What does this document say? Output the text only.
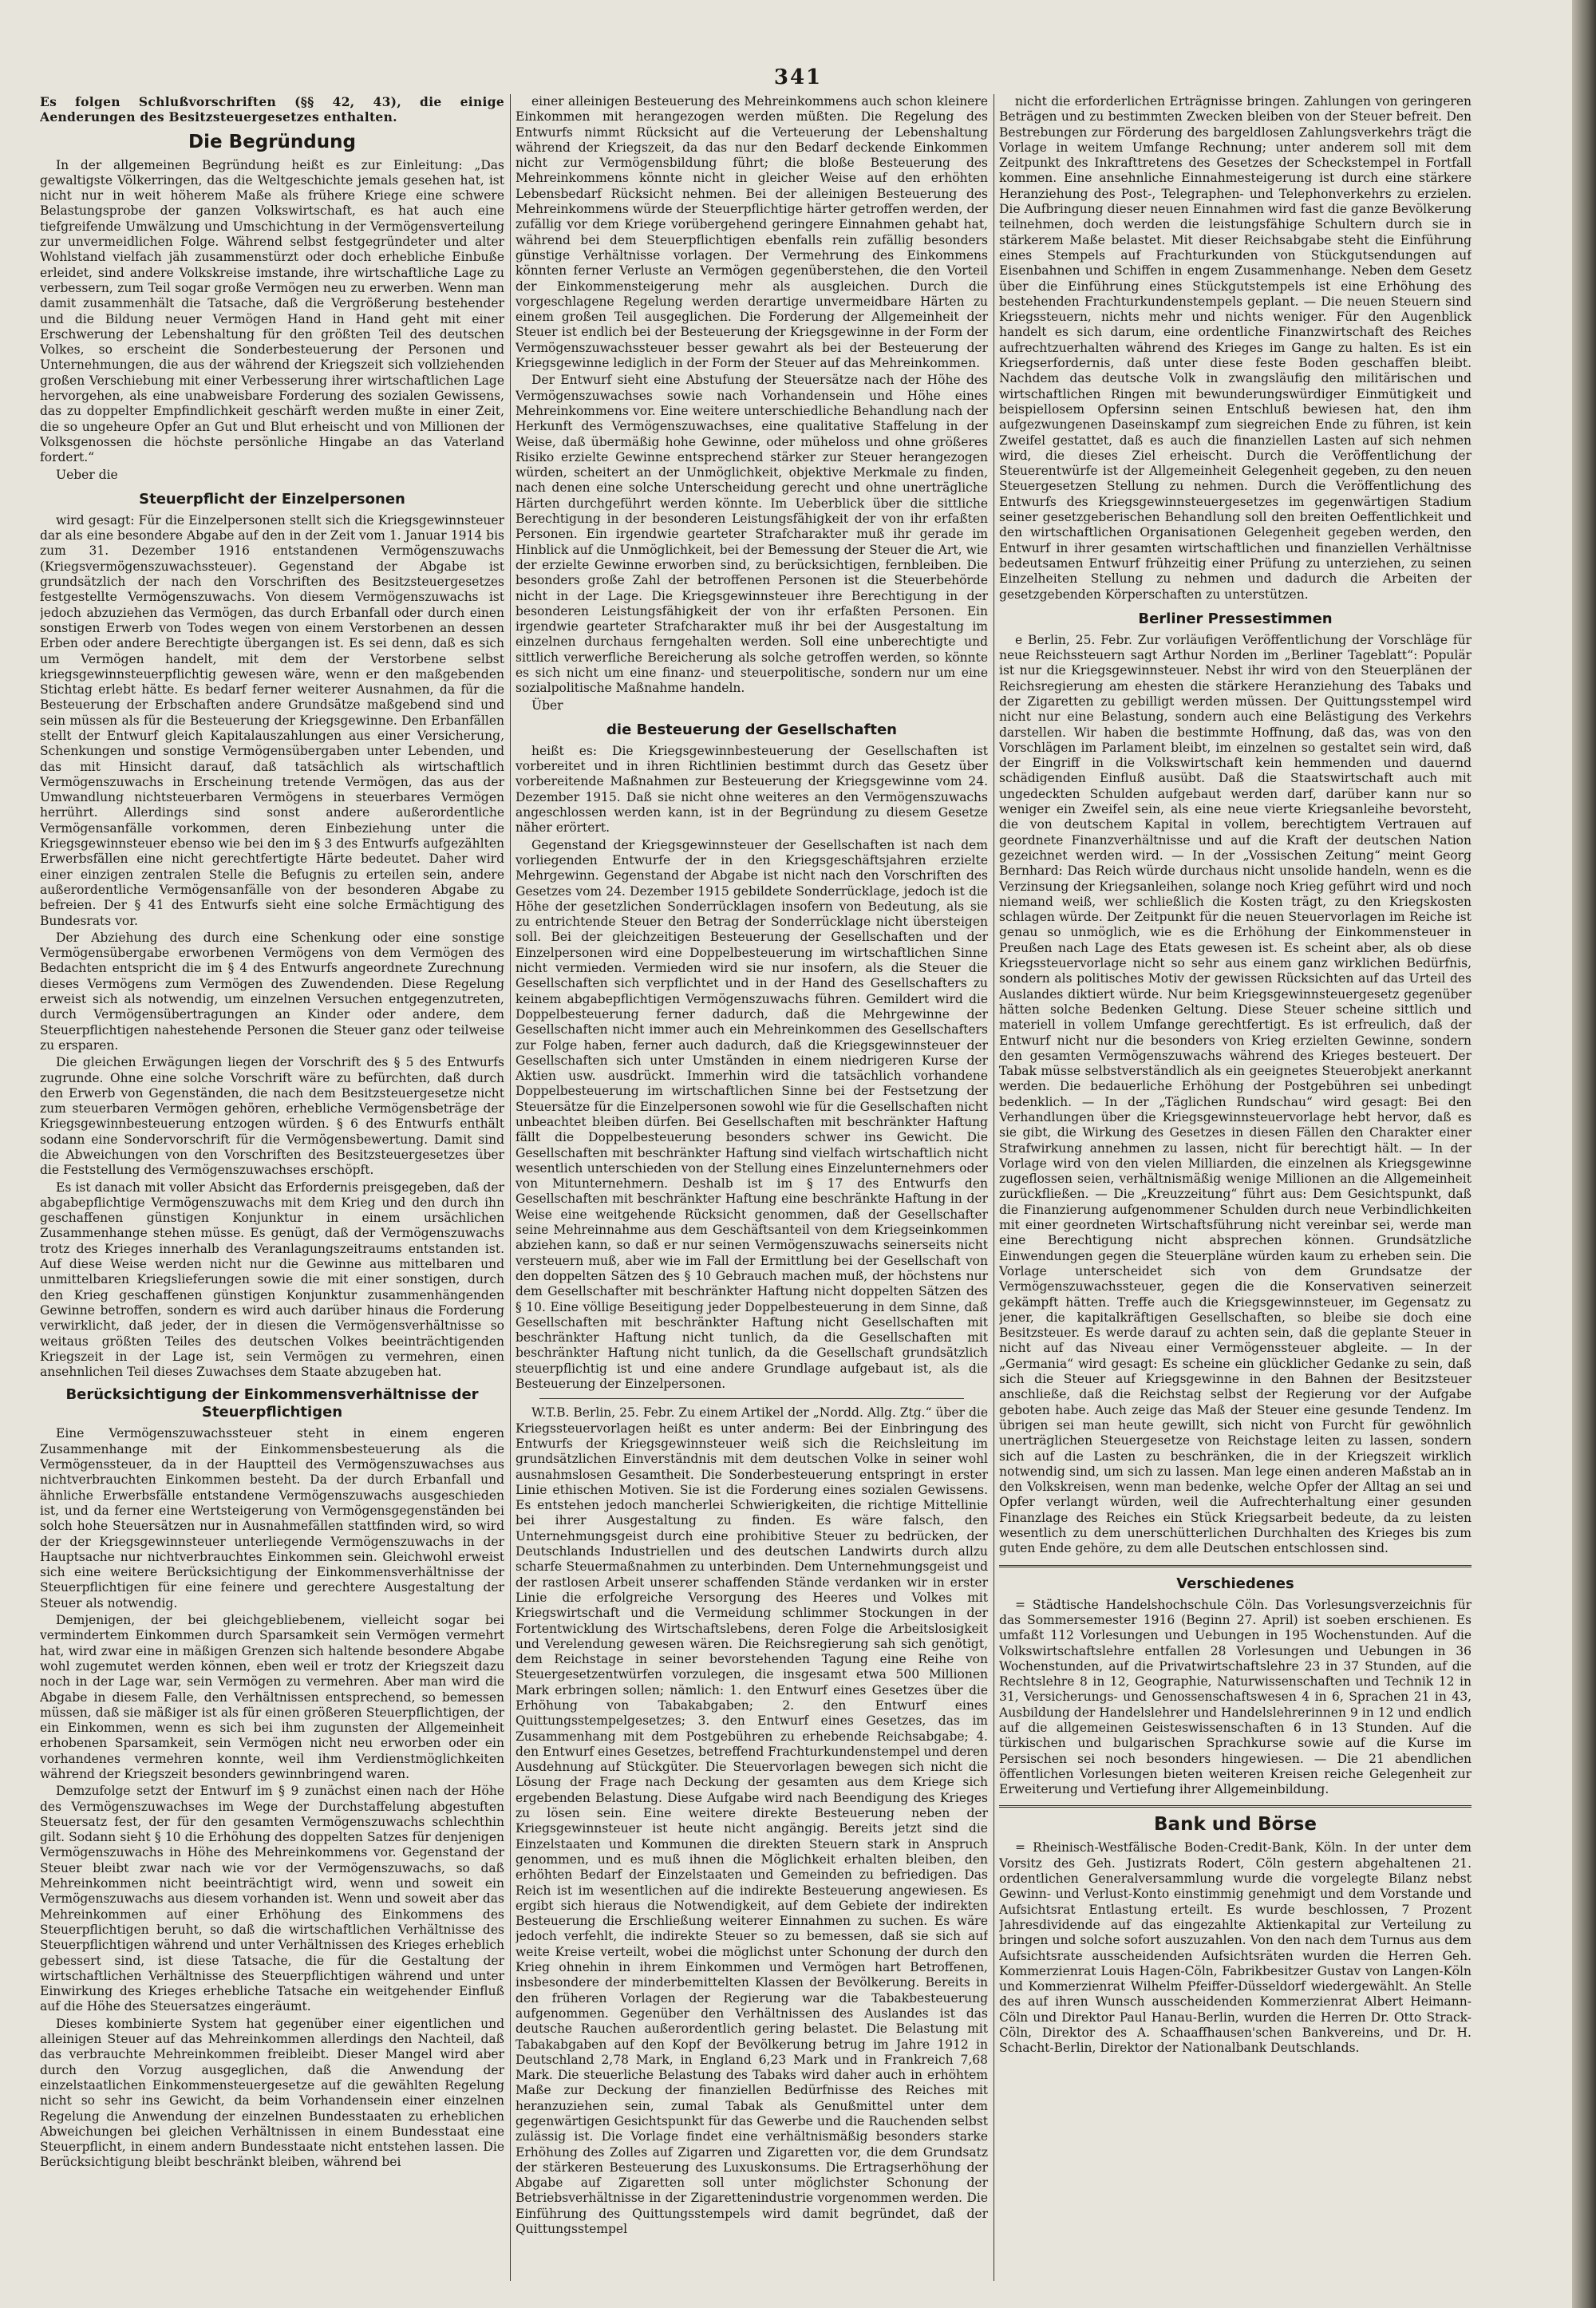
341

Es folgen Schlußvorschriften (§§ 42, 43), die einige Aenderungen des Besitzsteuergesetzes enthalten.

Die Begründung

In der allgemeinen Begründung heißt es zur Einleitung: „Das gewaltigste Völkerringen, das die Weltgeschichte jemals gesehen hat, ist nicht nur in weit höherem Maße als frühere Kriege eine schwere Belastungsprobe der ganzen Volkswirtschaft, es hat auch eine tiefgreifende Umwälzung und Umschichtung in der Vermögensverteilung zur unvermeidlichen Folge. Während selbst festgegründeter und alter Wohlstand vielfach jäh zusammenstürzt oder doch erhebliche Einbuße erleidet, sind andere Volkskreise imstande, ihre wirtschaftliche Lage zu verbessern, zum Teil sogar große Vermögen neu zu erwerben. Wenn man damit zusammenhält die Tatsache, daß die Vergrößerung bestehender und die Bildung neuer Vermögen Hand in Hand geht mit einer Erschwerung der Lebenshaltung für den größten Teil des deutschen Volkes, so erscheint die Sonderbesteuerung der Personen und Unternehmungen, die aus der während der Kriegszeit sich vollziehenden großen Verschiebung mit einer Verbesserung ihrer wirtschaftlichen Lage hervorgehen, als eine unabweisbare Forderung des sozialen Gewissens, das zu doppelter Empfindlichkeit geschärft werden mußte in einer Zeit, die so ungeheure Opfer an Gut und Blut erheischt und von Millionen der Volksgenossen die höchste persönliche Hingabe an das Vaterland fordert.“

Ueber die

Steuerpflicht der Einzelpersonen

wird gesagt: Für die Einzelpersonen stellt sich die Kriegsgewinnsteuer dar als eine besondere Abgabe auf den in der Zeit vom 1. Januar 1914 bis zum 31. Dezember 1916 entstandenen Vermögenszuwachs (Kriegsvermögenszuwachssteuer). Gegenstand der Abgabe ist grundsätzlich der nach den Vorschriften des Besitzsteuergesetzes festgestellte Vermögenszuwachs. Von diesem Vermögenszuwachs ist jedoch abzuziehen das Vermögen, das durch Erbanfall oder durch einen sonstigen Erwerb von Todes wegen von einem Verstorbenen an dessen Erben oder andere Berechtigte übergangen ist. Es sei denn, daß es sich um Vermögen handelt, mit dem der Verstorbene selbst kriegsgewinnsteuerpflichtig gewesen wäre, wenn er den maßgebenden Stichtag erlebt hätte. Es bedarf ferner weiterer Ausnahmen, da für die Besteuerung der Erbschaften andere Grundsätze maßgebend sind und sein müssen als für die Besteuerung der Kriegsgewinne. Den Erbanfällen stellt der Entwurf gleich Kapitalauszahlungen aus einer Versicherung, Schenkungen und sonstige Vermögensübergaben unter Lebenden, und das mit Hinsicht darauf, daß tatsächlich als wirtschaftlich Vermögenszuwachs in Erscheinung tretende Vermögen, das aus der Umwandlung nichtsteuerbaren Vermögens in steuerbares Vermögen herrührt. Allerdings sind sonst andere außerordentliche Vermögensanfälle vorkommen, deren Einbeziehung unter die Kriegsgewinnsteuer ebenso wie bei den im § 3 des Entwurfs aufgezählten Erwerbsfällen eine nicht gerechtfertigte Härte bedeutet. Daher wird einer einzigen zentralen Stelle die Befugnis zu erteilen sein, andere außerordentliche Vermögensanfälle von der besonderen Abgabe zu befreien. Der § 41 des Entwurfs sieht eine solche Ermächtigung des Bundesrats vor.

Der Abziehung des durch eine Schenkung oder eine sonstige Vermögensübergabe erworbenen Vermögens von dem Vermögen des Bedachten entspricht die im § 4 des Entwurfs angeordnete Zurechnung dieses Vermögens zum Vermögen des Zuwendenden. Diese Regelung erweist sich als notwendig, um einzelnen Versuchen entgegenzutreten, durch Vermögensübertragungen an Kinder oder andere, dem Steuerpflichtigen nahestehende Personen die Steuer ganz oder teilweise zu ersparen.

Die gleichen Erwägungen liegen der Vorschrift des § 5 des Entwurfs zugrunde. Ohne eine solche Vorschrift wäre zu befürchten, daß durch den Erwerb von Gegenständen, die nach dem Besitzsteuergesetze nicht zum steuerbaren Vermögen gehören, erhebliche Vermögensbeträge der Kriegsgewinnbesteuerung entzogen würden. § 6 des Entwurfs enthält sodann eine Sondervorschrift für die Vermögensbewertung. Damit sind die Abweichungen von den Vorschriften des Besitzsteuergesetzes über die Feststellung des Vermögenszuwachses erschöpft.

Es ist danach mit voller Absicht das Erfordernis preisgegeben, daß der abgabepflichtige Vermögenszuwachs mit dem Krieg und den durch ihn geschaffenen günstigen Konjunktur in einem ursächlichen Zusammenhange stehen müsse. Es genügt, daß der Vermögenszuwachs trotz des Krieges innerhalb des Veranlagungszeitraums entstanden ist. Auf diese Weise werden nicht nur die Gewinne aus mittelbaren und unmittelbaren Kriegslieferungen sowie die mit einer sonstigen, durch den Krieg geschaffenen günstigen Konjunktur zusammenhängenden Gewinne betroffen, sondern es wird auch darüber hinaus die Forderung verwirklicht, daß jeder, der in diesen die Vermögensverhältnisse so weitaus größten Teiles des deutschen Volkes beeinträchtigenden Kriegszeit in der Lage ist, sein Vermögen zu vermehren, einen ansehnlichen Teil dieses Zuwachses dem Staate abzugeben hat.

Berücksichtigung der Einkommensverhältnisse der Steuerpflichtigen

Eine Vermögenszuwachssteuer steht in einem engeren Zusammenhange mit der Einkommensbesteuerung als die Vermögenssteuer, da in der Hauptteil des Vermögenszuwachses aus nichtverbrauchten Einkommen besteht. Da der durch Erbanfall und ähnliche Erwerbsfälle entstandene Vermögenszuwachs ausgeschieden ist, und da ferner eine Wertsteigerung von Vermögensgegenständen bei solch hohe Steuersätzen nur in Ausnahmefällen stattfinden wird, so wird der der Kriegsgewinnsteuer unterliegende Vermögenszuwachs in der Hauptsache nur nichtverbrauchtes Einkommen sein. Gleichwohl erweist sich eine weitere Berücksichtigung der Einkommensverhältnisse der Steuerpflichtigen für eine feinere und gerechtere Ausgestaltung der Steuer als notwendig.

Demjenigen, der bei gleichgebliebenem, vielleicht sogar bei vermindertem Einkommen durch Sparsamkeit sein Vermögen vermehrt hat, wird zwar eine in mäßigen Grenzen sich haltende besondere Abgabe wohl zugemutet werden können, eben weil er trotz der Kriegszeit dazu noch in der Lage war, sein Vermögen zu vermehren. Aber man wird die Abgabe in diesem Falle, den Verhältnissen entsprechend, so bemessen müssen, daß sie mäßiger ist als für einen größeren Steuerpflichtigen, der ein Einkommen, wenn es sich bei ihm zugunsten der Allgemeinheit erhobenen Sparsamkeit, sein Vermögen nicht neu erworben oder ein vorhandenes vermehren konnte, weil ihm Verdienstmöglichkeiten während der Kriegszeit besonders gewinnbringend waren.

Demzufolge setzt der Entwurf im § 9 zunächst einen nach der Höhe des Vermögenszuwachses im Wege der Durchstaffelung abgestuften Steuersatz fest, der für den gesamten Vermögenszuwachs schlechthin gilt. Sodann sieht § 10 die Erhöhung des doppelten Satzes für denjenigen Vermögenszuwachs in Höhe des Mehreinkommens vor. Gegenstand der Steuer bleibt zwar nach wie vor der Vermögenszuwachs, so daß Mehreinkommen nicht beeinträchtigt wird, wenn und soweit ein Vermögenszuwachs aus diesem vorhanden ist. Wenn und soweit aber das Mehreinkommen auf einer Erhöhung des Einkommens des Steuerpflichtigen beruht, so daß die wirtschaftlichen Verhältnisse des Steuerpflichtigen während und unter Verhältnissen des Krieges erheblich gebessert sind, ist diese Tatsache, die für die Gestaltung der wirtschaftlichen Verhältnisse des Steuerpflichtigen während und unter Einwirkung des Krieges erhebliche Tatsache ein weitgehender Einfluß auf die Höhe des Steuersatzes eingeräumt.

Dieses kombinierte System hat gegenüber einer eigentlichen und alleinigen Steuer auf das Mehreinkommen allerdings den Nachteil, daß das verbrauchte Mehreinkommen freibleibt. Dieser Mangel wird aber durch den Vorzug ausgeglichen, daß die Anwendung der einzelstaatlichen Einkommensteuergesetze auf die gewählten Regelung nicht so sehr ins Gewicht, da beim Vorhandensein einer einzelnen Regelung die Anwendung der einzelnen Bundesstaaten zu erheblichen Abweichungen bei gleichen Verhältnissen in einem Bundesstaat eine Steuerpflicht, in einem andern Bundesstaate nicht entstehen lassen. Die Berücksichtigung bleibt beschränkt bleiben, während bei

einer alleinigen Besteuerung des Mehreinkommens auch schon kleinere Einkommen mit herangezogen werden müßten. Die Regelung des Entwurfs nimmt Rücksicht auf die Verteuerung der Lebenshaltung während der Kriegszeit, da das nur den Bedarf deckende Einkommen nicht zur Vermögensbildung führt; die bloße Besteuerung des Mehreinkommens könnte nicht in gleicher Weise auf den erhöhten Lebensbedarf Rücksicht nehmen. Bei der alleinigen Besteuerung des Mehreinkommens würde der Steuerpflichtige härter getroffen werden, der zufällig vor dem Kriege vorübergehend geringere Einnahmen gehabt hat, während bei dem Steuerpflichtigen ebenfalls rein zufällig besonders günstige Verhältnisse vorlagen. Der Vermehrung des Einkommens könnten ferner Verluste an Vermögen gegenüberstehen, die den Vorteil der Einkommensteigerung mehr als ausgleichen. Durch die vorgeschlagene Regelung werden derartige unvermeidbare Härten zu einem großen Teil ausgeglichen. Die Forderung der Allgemeinheit der Steuer ist endlich bei der Besteuerung der Kriegsgewinne in der Form der Vermögenszuwachssteuer besser gewahrt als bei der Besteuerung der Kriegsgewinne lediglich in der Form der Steuer auf das Mehreinkommen.

Der Entwurf sieht eine Abstufung der Steuersätze nach der Höhe des Vermögenszuwachses sowie nach Vorhandensein und Höhe eines Mehreinkommens vor. Eine weitere unterschiedliche Behandlung nach der Herkunft des Vermögenszuwachses, eine qualitative Staffelung in der Weise, daß übermäßig hohe Gewinne, oder müheloss und ohne größeres Risiko erzielte Gewinne entsprechend stärker zur Steuer herangezogen würden, scheitert an der Unmöglichkeit, objektive Merkmale zu finden, nach denen eine solche Unterscheidung gerecht und ohne unerträgliche Härten durchgeführt werden könnte. Im Ueberblick über die sittliche Berechtigung in der besonderen Leistungsfähigkeit der von ihr erfaßten Personen. Ein irgendwie gearteter Strafcharakter muß ihr gerade im Hinblick auf die Unmöglichkeit, bei der Bemessung der Steuer die Art, wie der erzielte Gewinne erworben sind, zu berücksichtigen, fernbleiben. Die besonders große Zahl der betroffenen Personen ist die Steuerbehörde nicht in der Lage. Die Kriegsgewinnsteuer ihre Berechtigung in der besonderen Leistungsfähigkeit der von ihr erfaßten Personen. Ein irgendwie gearteter Strafcharakter muß ihr bei der Ausgestaltung im einzelnen durchaus ferngehalten werden. Soll eine unberechtigte und sittlich verwerfliche Bereicherung als solche getroffen werden, so könnte es sich nicht um eine finanz- und steuerpolitische, sondern nur um eine sozialpolitische Maßnahme handeln.

Über

die Besteuerung der Gesellschaften

heißt es: Die Kriegsgewinnbesteuerung der Gesellschaften ist vorbereitet und in ihren Richtlinien bestimmt durch das Gesetz über vorbereitende Maßnahmen zur Besteuerung der Kriegsgewinne vom 24. Dezember 1915. Daß sie nicht ohne weiteres an den Vermögenszuwachs angeschlossen werden kann, ist in der Begründung zu diesem Gesetze näher erörtert.

Gegenstand der Kriegsgewinnsteuer der Gesellschaften ist nach dem vorliegenden Entwurfe der in den Kriegsgeschäftsjahren erzielte Mehrgewinn. Gegenstand der Abgabe ist nicht nach den Vorschriften des Gesetzes vom 24. Dezember 1915 gebildete Sonderrücklage, jedoch ist die Höhe der gesetzlichen Sonderrücklagen insofern von Bedeutung, als sie zu entrichtende Steuer den Betrag der Sonderrücklage nicht übersteigen soll. Bei der gleichzeitigen Besteuerung der Gesellschaften und der Einzelpersonen wird eine Doppelbesteuerung im wirtschaftlichen Sinne nicht vermieden. Vermieden wird sie nur insofern, als die Steuer die Gesellschaften sich verpflichtet und in der Hand des Gesellschafters zu keinem abgabepflichtigen Vermögenszuwachs führen. Gemildert wird die Doppelbesteuerung ferner dadurch, daß die Mehrgewinne der Gesellschaften nicht immer auch ein Mehreinkommen des Gesellschafters zur Folge haben, ferner auch dadurch, daß die Kriegsgewinnsteuer der Gesellschaften sich unter Umständen in einem niedrigeren Kurse der Aktien usw. ausdrückt. Immerhin wird die tatsächlich vorhandene Doppelbesteuerung im wirtschaftlichen Sinne bei der Festsetzung der Steuersätze für die Einzelpersonen sowohl wie für die Gesellschaften nicht unbeachtet bleiben dürfen. Bei Gesellschaften mit beschränkter Haftung fällt die Doppelbesteuerung besonders schwer ins Gewicht. Die Gesellschaften mit beschränkter Haftung sind vielfach wirtschaftlich nicht wesentlich unterschieden von der Stellung eines Einzelunternehmers oder von Mitunternehmern. Deshalb ist im § 17 des Entwurfs den Gesellschaften mit beschränkter Haftung eine beschränkte Haftung in der Weise eine weitgehende Rücksicht genommen, daß der Gesellschafter seine Mehreinnahme aus dem Geschäftsanteil von dem Kriegseinkommen abziehen kann, so daß er nur seinen Vermögenszuwachs seinerseits nicht versteuern muß, aber wie im Fall der Ermittlung bei der Gesellschaft von den doppelten Sätzen des § 10 Gebrauch machen muß, der höchstens nur dem Gesellschafter mit beschränkter Haftung nicht doppelten Sätzen des § 10. Eine völlige Beseitigung jeder Doppelbesteuerung in dem Sinne, daß Gesellschaften mit beschränkter Haftung nicht Gesellschaften mit beschränkter Haftung nicht tunlich, da die Gesellschaften mit beschränkter Haftung nicht tunlich, da die Gesellschaft grundsätzlich steuerpflichtig ist und eine andere Grundlage aufgebaut ist, als die Besteuerung der Einzelpersonen.

W.T.B. Berlin, 25. Febr. Zu einem Artikel der „Nordd. Allg. Ztg.“ über die Kriegssteuervorlagen heißt es unter anderm: Bei der Einbringung des Entwurfs der Kriegsgewinnsteuer weiß sich die Reichsleitung im grundsätzlichen Einverständnis mit dem deutschen Volke in seiner wohl ausnahmslosen Gesamtheit. Die Sonderbesteuerung entspringt in erster Linie ethischen Motiven. Sie ist die Forderung eines sozialen Gewissens. Es entstehen jedoch mancherlei Schwierigkeiten, die richtige Mittellinie bei ihrer Ausgestaltung zu finden. Es wäre falsch, den Unternehmungsgeist durch eine prohibitive Steuer zu bedrücken, der Deutschlands Industriellen und des deutschen Landwirts durch allzu scharfe Steuermaßnahmen zu unterbinden. Dem Unternehmungsgeist und der rastlosen Arbeit unserer schaffenden Stände verdanken wir in erster Linie die erfolgreiche Versorgung des Heeres und Volkes mit Kriegswirtschaft und die Vermeidung schlimmer Stockungen in der Fortentwicklung des Wirtschaftslebens, deren Folge die Arbeitslosigkeit und Verelendung gewesen wären. Die Reichsregierung sah sich genötigt, dem Reichstage in seiner bevorstehenden Tagung eine Reihe von Steuergesetzentwürfen vorzulegen, die insgesamt etwa 500 Millionen Mark erbringen sollen; nämlich: 1. den Entwurf eines Gesetzes über die Erhöhung von Tabakabgaben; 2. den Entwurf eines Quittungsstempelgesetzes; 3. den Entwurf eines Gesetzes, das im Zusammenhang mit dem Postgebühren zu erhebende Reichsabgabe; 4. den Entwurf eines Gesetzes, betreffend Frachturkundenstempel und deren Ausdehnung auf Stückgüter. Die Steuervorlagen bewegen sich nicht die Lösung der Frage nach Deckung der gesamten aus dem Kriege sich ergebenden Belastung. Diese Aufgabe wird nach Beendigung des Krieges zu lösen sein. Eine weitere direkte Besteuerung neben der Kriegsgewinnsteuer ist heute nicht angängig. Bereits jetzt sind die Einzelstaaten und Kommunen die direkten Steuern stark in Anspruch genommen, und es muß ihnen die Möglichkeit erhalten bleiben, den erhöhten Bedarf der Einzelstaaten und Gemeinden zu befriedigen. Das Reich ist im wesentlichen auf die indirekte Besteuerung angewiesen. Es ergibt sich hieraus die Notwendigkeit, auf dem Gebiete der indirekten Besteuerung die Erschließung weiterer Einnahmen zu suchen. Es wäre jedoch verfehlt, die indirekte Steuer so zu bemessen, daß sie sich auf weite Kreise verteilt, wobei die möglichst unter Schonung der durch den Krieg ohnehin in ihrem Einkommen und Vermögen hart Betroffenen, insbesondere der minderbemittelten Klassen der Bevölkerung. Bereits in den früheren Vorlagen der Regierung war die Tabakbesteuerung aufgenommen. Gegenüber den Verhältnissen des Auslandes ist das deutsche Rauchen außerordentlich gering belastet. Die Belastung mit Tabakabgaben auf den Kopf der Bevölkerung betrug im Jahre 1912 in Deutschland 2,78 Mark, in England 6,23 Mark und in Frankreich 7,68 Mark. Die steuerliche Belastung des Tabaks wird daher auch in erhöhtem Maße zur Deckung der finanziellen Bedürfnisse des Reiches mit heranzuziehen sein, zumal Tabak als Genußmittel unter dem gegenwärtigen Gesichtspunkt für das Gewerbe und die Rauchenden selbst zulässig ist. Die Vorlage findet eine verhältnismäßig besonders starke Erhöhung des Zolles auf Zigarren und Zigaretten vor, die dem Grundsatz der stärkeren Besteuerung des Luxuskonsums. Die Ertragserhöhung der Abgabe auf Zigaretten soll unter möglichster Schonung der Betriebsverhältnisse in der Zigarettenindustrie vorgenommen werden. Die Einführung des Quittungsstempels wird damit begründet, daß der Quittungsstempel

nicht die erforderlichen Erträgnisse bringen. Zahlungen von geringeren Beträgen und zu bestimmten Zwecken bleiben von der Steuer befreit. Den Bestrebungen zur Förderung des bargeldlosen Zahlungsverkehrs trägt die Vorlage in weitem Umfange Rechnung; unter anderem soll mit dem Zeitpunkt des Inkrafttretens des Gesetzes der Scheckstempel in Fortfall kommen. Eine ansehnliche Einnahmesteigerung ist durch eine stärkere Heranziehung des Post-, Telegraphen- und Telephonverkehrs zu erzielen. Die Aufbringung dieser neuen Einnahmen wird fast die ganze Bevölkerung teilnehmen, doch werden die leistungsfähige Schultern durch sie in stärkerem Maße belastet. Mit dieser Reichsabgabe steht die Einführung eines Stempels auf Frachturkunden von Stückgutsendungen auf Eisenbahnen und Schiffen in engem Zusammenhange. Neben dem Gesetz über die Einführung eines Stückgutstempels ist eine Erhöhung des bestehenden Frachturkundenstempels geplant. — Die neuen Steuern sind Kriegssteuern, nichts mehr und nichts weniger. Für den Augenblick handelt es sich darum, eine ordentliche Finanzwirtschaft des Reiches aufrechtzuerhalten während des Krieges im Gange zu halten. Es ist ein Kriegserfordernis, daß unter diese feste Boden geschaffen bleibt. Nachdem das deutsche Volk in zwangsläufig den militärischen und wirtschaftlichen Ringen mit bewunderungswürdiger Einmütigkeit und beispiellosem Opfersinn seinen Entschluß bewiesen hat, den ihm aufgezwungenen Daseinskampf zum siegreichen Ende zu führen, ist kein Zweifel gestattet, daß es auch die finanziellen Lasten auf sich nehmen wird, die dieses Ziel erheischt. Durch die Veröffentlichung der Steuerentwürfe ist der Allgemeinheit Gelegenheit gegeben, zu den neuen Steuergesetzen Stellung zu nehmen. Durch die Veröffentlichung des Entwurfs des Kriegsgewinnsteuergesetzes im gegenwärtigen Stadium seiner gesetzgeberischen Behandlung soll den breiten Oeffentlichkeit und den wirtschaftlichen Organisationen Gelegenheit gegeben werden, den Entwurf in ihrer gesamten wirtschaftlichen und finanziellen Verhältnisse bedeutsamen Entwurf frühzeitig einer Prüfung zu unterziehen, zu seinen Einzelheiten Stellung zu nehmen und dadurch die Arbeiten der gesetzgebenden Körperschaften zu unterstützen.

Berliner Pressestimmen

e Berlin, 25. Febr. Zur vorläufigen Veröffentlichung der Vorschläge für neue Reichssteuern sagt Arthur Norden im „Berliner Tageblatt“: Populär ist nur die Kriegsgewinnsteuer. Nebst ihr wird von den Steuerplänen der Reichsregierung am ehesten die stärkere Heranziehung des Tabaks und der Zigaretten zu gebilligt werden müssen. Der Quittungsstempel wird nicht nur eine Belastung, sondern auch eine Belästigung des Verkehrs darstellen. Wir haben die bestimmte Hoffnung, daß das, was von den Vorschlägen im Parlament bleibt, im einzelnen so gestaltet sein wird, daß der Eingriff in die Volkswirtschaft kein hemmenden und dauernd schädigenden Einfluß ausübt. Daß die Staatswirtschaft auch mit ungedeckten Schulden aufgebaut werden darf, darüber kann nur so weniger ein Zweifel sein, als eine neue vierte Kriegsanleihe bevorsteht, die von deutschem Kapital in vollem, berechtigtem Vertrauen auf geordnete Finanzverhältnisse und auf die Kraft der deutschen Nation gezeichnet werden wird. — In der „Vossischen Zeitung“ meint Georg Bernhard: Das Reich würde durchaus nicht unsolide handeln, wenn es die Verzinsung der Kriegsanleihen, solange noch Krieg geführt wird und noch niemand weiß, wer schließlich die Kosten trägt, zu den Kriegskosten schlagen würde. Der Zeitpunkt für die neuen Steuervorlagen im Reiche ist genau so unmöglich, wie es die Erhöhung der Einkommensteuer in Preußen nach Lage des Etats gewesen ist. Es scheint aber, als ob diese Kriegssteuervorlage nicht so sehr aus einem ganz wirklichen Bedürfnis, sondern als politisches Motiv der gewissen Rücksichten auf das Urteil des Auslandes diktiert würde. Nur beim Kriegsgewinnsteuergesetz gegenüber hätten solche Bedenken Geltung. Diese Steuer scheine sittlich und materiell in vollem Umfange gerechtfertigt. Es ist erfreulich, daß der Entwurf nicht nur die besonders von Krieg erzielten Gewinne, sondern den gesamten Vermögenszuwachs während des Krieges besteuert. Der Tabak müsse selbstverständlich als ein geeignetes Steuerobjekt anerkannt werden. Die bedauerliche Erhöhung der Postgebühren sei unbedingt bedenklich. — In der „Täglichen Rundschau“ wird gesagt: Bei den Verhandlungen über die Kriegsgewinnsteuervorlage hebt hervor, daß es sie gibt, die Wirkung des Gesetzes in diesen Fällen den Charakter einer Strafwirkung annehmen zu lassen, nicht für berechtigt hält. — In der Vorlage wird von den vielen Milliarden, die einzelnen als Kriegsgewinne zugeflossen seien, verhältnismäßig wenige Millionen an die Allgemeinheit zurückfließen. — Die „Kreuzzeitung“ führt aus: Dem Gesichtspunkt, daß die Finanzierung aufgenommener Schulden durch neue Verbindlichkeiten mit einer geordneten Wirtschaftsführung nicht vereinbar sei, werde man eine Berechtigung nicht absprechen können. Grundsätzliche Einwendungen gegen die Steuerpläne würden kaum zu erheben sein. Die Vorlage unterscheidet sich von dem Grundsatze der Vermögenszuwachssteuer, gegen die die Konservativen seinerzeit gekämpft hätten. Treffe auch die Kriegsgewinnsteuer, im Gegensatz zu jener, die kapitalkräftigen Gesellschaften, so bleibe sie doch eine Besitzsteuer. Es werde darauf zu achten sein, daß die geplante Steuer in nicht auf das Niveau einer Vermögenssteuer abgleite. — In der „Germania“ wird gesagt: Es scheine ein glücklicher Gedanke zu sein, daß sich die Steuer auf Kriegsgewinne in den Bahnen der Besitzsteuer anschließe, daß die Reichstag selbst der Regierung vor der Aufgabe geboten habe. Auch zeige das Maß der Steuer eine gesunde Tendenz. Im übrigen sei man heute gewillt, sich nicht von Furcht für gewöhnlich unerträglichen Steuergesetze von Reichstage leiten zu lassen, sondern sich auf die Lasten zu beschränken, die in der Kriegszeit wirklich notwendig sind, um sich zu lassen. Man lege einen anderen Maßstab an in den Volkskreisen, wenn man bedenke, welche Opfer der Alltag an sei und Opfer verlangt würden, weil die Aufrechterhaltung einer gesunden Finanzlage des Reiches ein Stück Kriegsarbeit bedeute, da zu leisten wesentlich zu dem unerschütterlichen Durchhalten des Krieges bis zum guten Ende gehöre, zu dem alle Deutschen entschlossen sind.

Verschiedenes

= Städtische Handelshochschule Cöln. Das Vorlesungsverzeichnis für das Sommersemester 1916 (Beginn 27. April) ist soeben erschienen. Es umfaßt 112 Vorlesungen und Uebungen in 195 Wochenstunden. Auf die Volkswirtschaftslehre entfallen 28 Vorlesungen und Uebungen in 36 Wochenstunden, auf die Privatwirtschaftslehre 23 in 37 Stunden, auf die Rechtslehre 8 in 12, Geographie, Naturwissenschaften und Technik 12 in 31, Versicherungs- und Genossenschaftswesen 4 in 6, Sprachen 21 in 43, Ausbildung der Handelslehrer und Handelslehrerinnen 9 in 12 und endlich auf die allgemeinen Geisteswissenschaften 6 in 13 Stunden. Auf die türkischen und bulgarischen Sprachkurse sowie auf die Kurse im Persischen sei noch besonders hingewiesen. — Die 21 abendlichen öffentlichen Vorlesungen bieten weiteren Kreisen reiche Gelegenheit zur Erweiterung und Vertiefung ihrer Allgemeinbildung.

Bank und Börse

= Rheinisch-Westfälische Boden-Credit-Bank, Köln. In der unter dem Vorsitz des Geh. Justizrats Rodert, Cöln gestern abgehaltenen 21. ordentlichen Generalversammlung wurde die vorgelegte Bilanz nebst Gewinn- und Verlust-Konto einstimmig genehmigt und dem Vorstande und Aufsichtsrat Entlastung erteilt. Es wurde beschlossen, 7 Prozent Jahresdividende auf das eingezahlte Aktienkapital zur Verteilung zu bringen und solche sofort auszuzahlen. Von den nach dem Turnus aus dem Aufsichtsrate ausscheidenden Aufsichtsräten wurden die Herren Geh. Kommerzienrat Louis Hagen-Cöln, Fabrikbesitzer Gustav von Langen-Köln und Kommerzienrat Wilhelm Pfeiffer-Düsseldorf wiedergewählt. An Stelle des auf ihren Wunsch ausscheidenden Kommerzienrat Albert Heimann-Cöln und Direktor Paul Hanau-Berlin, wurden die Herren Dr. Otto Strack-Cöln, Direktor des A. Schaaffhausen'schen Bankvereins, und Dr. H. Schacht-Berlin, Direktor der Nationalbank Deutschlands.
